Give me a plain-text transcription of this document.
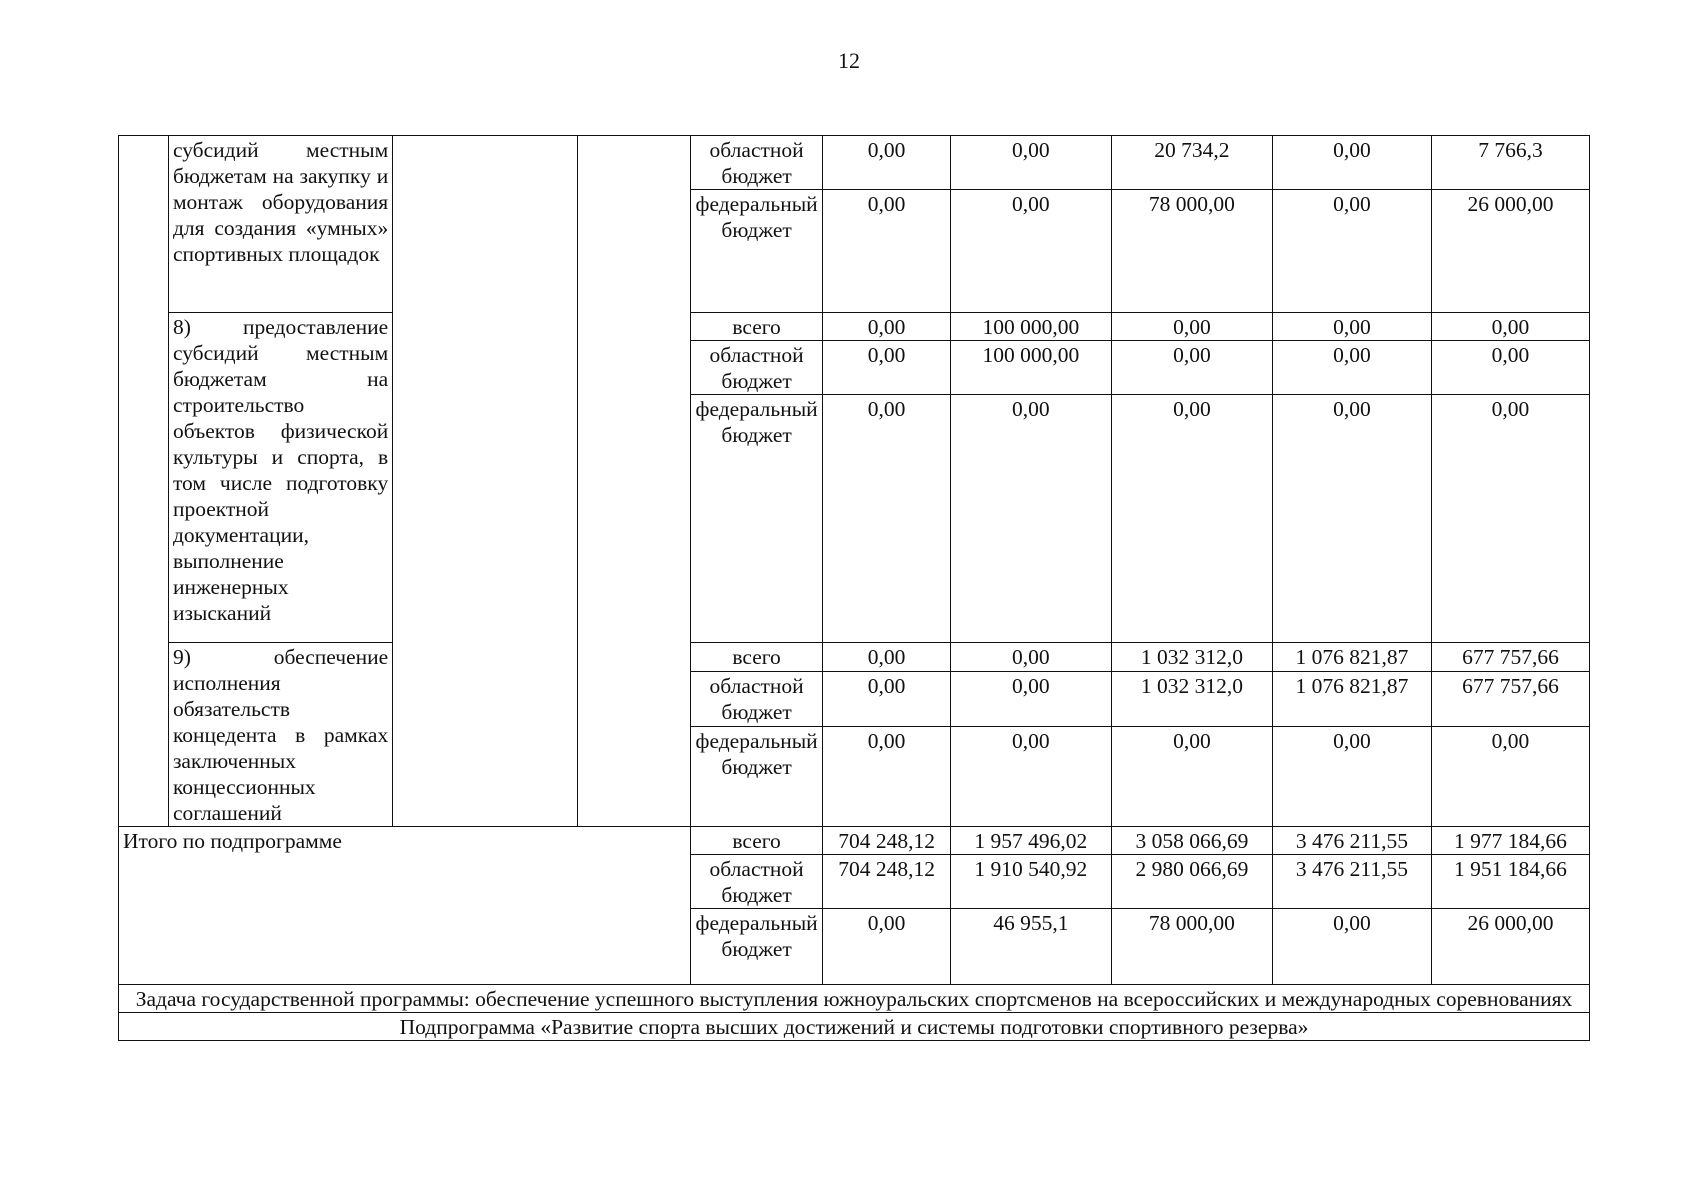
12
	субсидий местным бюджетам на закупку и монтаж оборудования для создания «умных» спортивных площадок			областной бюджет	0,00	0,00	20 734,2	0,00	7 766,3
				федеральный бюджет	0,00	0,00	78 000,00	0,00	26 000,00
	8) предоставление субсидий местным бюджетам на строительство объектов физической культуры и спорта, в том числе подготовку проектной документации, выполнение инженерных изысканий			всего	0,00	100 000,00	0,00	0,00	0,00
				областной бюджет	0,00	100 000,00	0,00	0,00	0,00
				федеральный бюджет	0,00	0,00	0,00	0,00	0,00
	9) обеспечение исполнения обязательств концедента в рамках заключенных концессионных соглашений			всего	0,00	0,00	1 032 312,0	1 076 821,87	677 757,66
				областной бюджет	0,00	0,00	1 032 312,0	1 076 821,87	677 757,66
				федеральный бюджет	0,00	0,00	0,00	0,00	0,00
Итого по подпрограмме				всего	704 248,12	1 957 496,02	3 058 066,69	3 476 211,55	1 977 184,66
				областной бюджет	704 248,12	1 910 540,92	2 980 066,69	3 476 211,55	1 951 184,66
				федеральный бюджет	0,00	46 955,1	78 000,00	0,00	26 000,00
Задача государственной программы: обеспечение успешного выступления южноуральских спортсменов на всероссийских и международных соревнованиях									
Подпрограмма «Развитие спорта высших достижений и системы подготовки спортивного резерва»									
